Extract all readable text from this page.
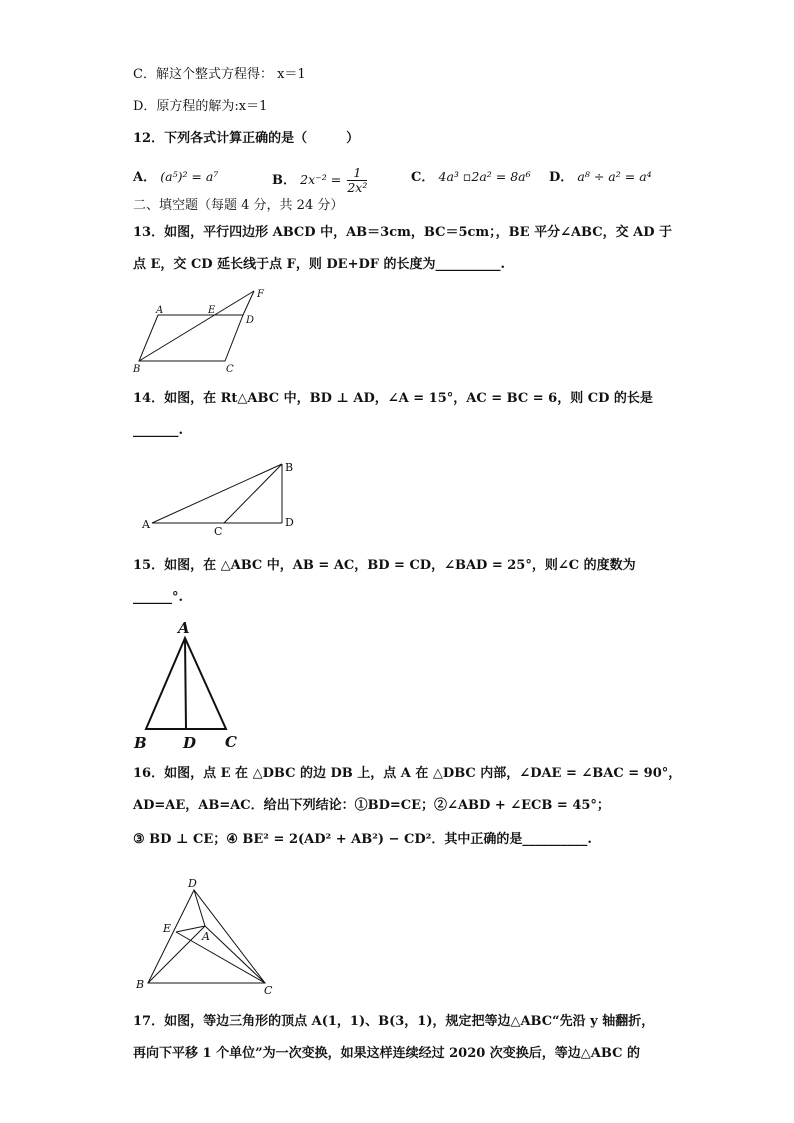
C．解这个整式方程得： x＝1
D．原方程的解为:x＝1
12．下列各式计算正确的是（　　　）
A． (a⁵)² = a⁷	B． $2x^{-2} = \frac{1}{\text{2x²}}$	C． 4a³ ▫2a² = 8a⁶ D． a⁸ ÷ a² = a⁴
二、填空题（每题 4 分，共 24 分）
13．如图，平行四边形 ABCD 中，AB＝3cm，BC＝5cm；，BE 平分∠ABC，交 AD 于
点 E，交 CD 延长线于点 F，则 DE+DF 的长度为__________.
A	E
D
F
B	C
14．如图，在 Rt△ABC 中，BD ⊥ AD，∠A = 15°，AC = BC = 6，则 CD 的长是
_______.
A
B
C
D
15．如图，在 △ABC 中，AB = AC，BD = CD，∠BAD = 25°，则∠C 的度数为
______°.
A
B D C
16．如图，点 E 在 △DBC 的边 DB 上，点 A 在 △DBC 内部，∠DAE = ∠BAC = 90°，
AD=AE，AB=AC．给出下列结论：①BD=CE；②∠ABD + ∠ECB = 45°；
③ BD ⊥ CE；④ BE² = 2(AD² + AB²) − CD²．其中正确的是__________.
D
E
A
B	C
17．如图，等边三角形的顶点 A(1，1)、B(3，1)，规定把等边△ABC“先沿 y 轴翻折，
再向下平移 1 个单位”为一次变换，如果这样连续经过 2020 次变换后，等边△ABC 的
